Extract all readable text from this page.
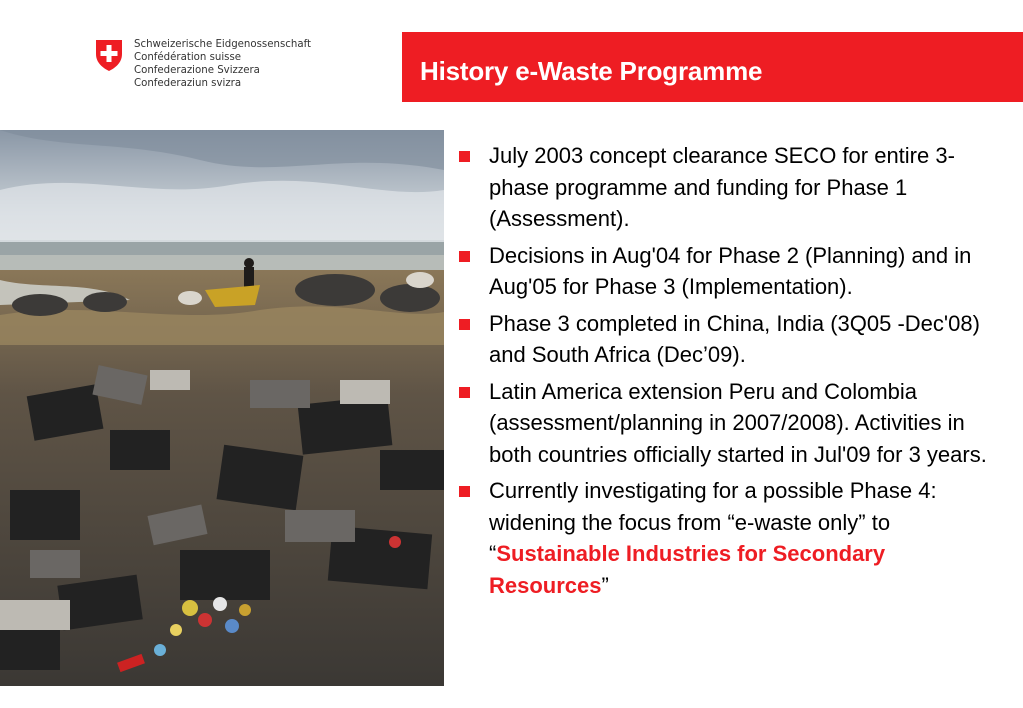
Schweizerische Eidgenossenschaft
Confédération suisse
Confederazione Svizzera
Confederaziun svizra	History e-Waste Programme
July 2003 concept clearance SECO for entire 3-phase programme and funding for Phase 1 (Assessment).
Decisions in Aug'04 for Phase 2 (Planning) and in Aug'05 for Phase 3 (Implementation).
Phase 3 completed in China, India (3Q05 -Dec'08) and South Africa (Dec’09).
Latin America extension Peru and Colombia (assessment/planning in 2007/2008). Activities in both countries officially started in Jul'09 for 3 years.
Currently investigating for a possible Phase 4: widening the focus from “e-waste only” to “Sustainable Industries for Secondary Resources”
